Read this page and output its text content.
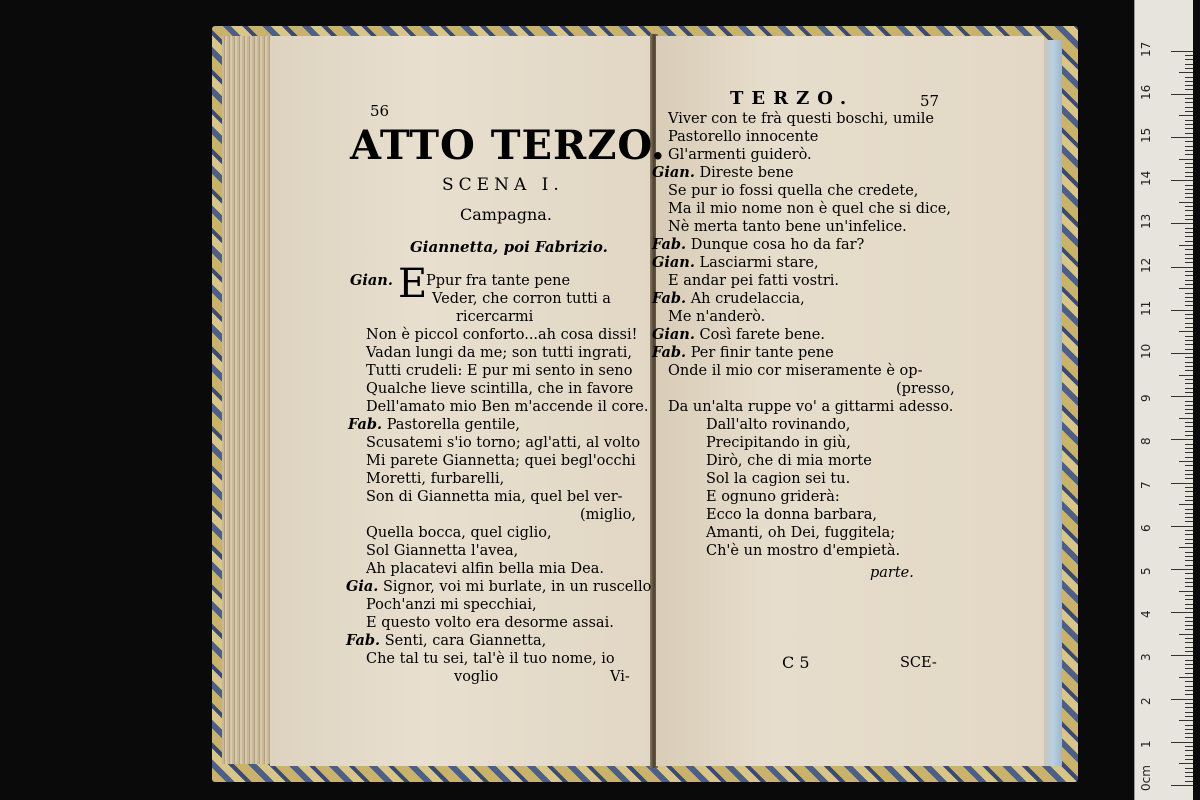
56
ATTO TERZO.
SCENA I.
Campagna.
Giannetta, poi Fabrizio.
Gian. E
Ppur fra tante pene
Veder, che corron tutti a
ricercarmi
Non è piccol conforto...ah cosa dissi!
Vadan lungi da me; son tutti ingrati,
Tutti crudeli: E pur mi sento in seno
Qualche lieve scintilla, che in favore
Dell'amato mio Ben m'accende il core.
Fab. Pastorella gentile,
Scusatemi s'io torno; agl'atti, al volto
Mi parete Giannetta; quei begl'occhi
Moretti, furbarelli,
Son di Giannetta mia, quel bel ver-
(miglio,
Quella bocca, quel ciglio,
Sol Giannetta l'avea,
Ah placatevi alfin bella mia Dea.
Gia. Signor, voi mi burlate, in un ruscello
Poch'anzi mi specchiai,
E questo volto era desorme assai.
Fab. Senti, cara Giannetta,
Che tal tu sei, tal'è il tuo nome, io
voglio	Vi-
TERZO.	57
Viver con te frà questi boschi, umile
Pastorello innocente
Gl'armenti guiderò.
Gian. Direste bene
Se pur io fossi quella che credete,
Ma il mio nome non è quel che si dice,
Nè merta tanto bene un'infelice.
Fab. Dunque cosa ho da far?
Gian. Lasciarmi stare,
E andar pei fatti vostri.
Fab. Ah crudelaccia,
Me n'anderò.
Gian. Così farete bene.
Fab. Per finir tante pene
Onde il mio cor miseramente è op-
(presso,
Da un'alta ruppe vo' a gittarmi adesso.
Dall'alto rovinando,
Precipitando in giù,
Dirò, che di mia morte
Sol la cagion sei tu.
E ognuno griderà:
Ecco la donna barbara,
Amanti, oh Dei, fuggitela;
Ch'è un mostro d'empietà.
parte.
C 5	SCE-
0cm
1
2
3
4
5
6
7
8
9
10
11
12
13
14
15
16
17
